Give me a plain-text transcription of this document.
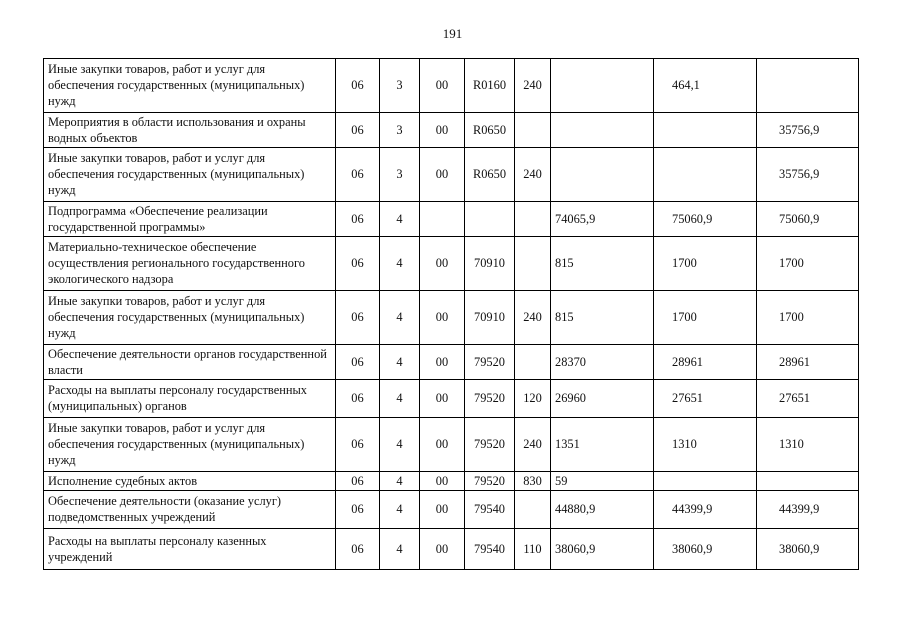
191
Иные закупки товаров, работ и услуг для обеспечения государственных (муниципальных) нужд	06	3	00	R0160	240		464,1	
Мероприятия в области использования и охраны водных объектов	06	3	00	R0650				35756,9
Иные закупки товаров, работ и услуг для обеспечения государственных (муниципальных) нужд	06	3	00	R0650	240			35756,9
Подпрограмма «Обеспечение реализации государственной программы»	06	4				74065,9	75060,9	75060,9
Материально-техническое обеспечение осуществления регионального государственного экологического надзора	06	4	00	70910		815	1700	1700
Иные закупки товаров, работ и услуг для обеспечения государственных (муниципальных) нужд	06	4	00	70910	240	815	1700	1700
Обеспечение деятельности органов государственной власти	06	4	00	79520		28370	28961	28961
Расходы на выплаты персоналу государственных (муниципальных) органов	06	4	00	79520	120	26960	27651	27651
Иные закупки товаров, работ и услуг для обеспечения государственных (муниципальных) нужд	06	4	00	79520	240	1351	1310	1310
Исполнение судебных актов	06	4	00	79520	830	59		
Обеспечение деятельности (оказание услуг) подведомственных учреждений	06	4	00	79540		44880,9	44399,9	44399,9
Расходы на выплаты персоналу казенных учреждений	06	4	00	79540	110	38060,9	38060,9	38060,9
